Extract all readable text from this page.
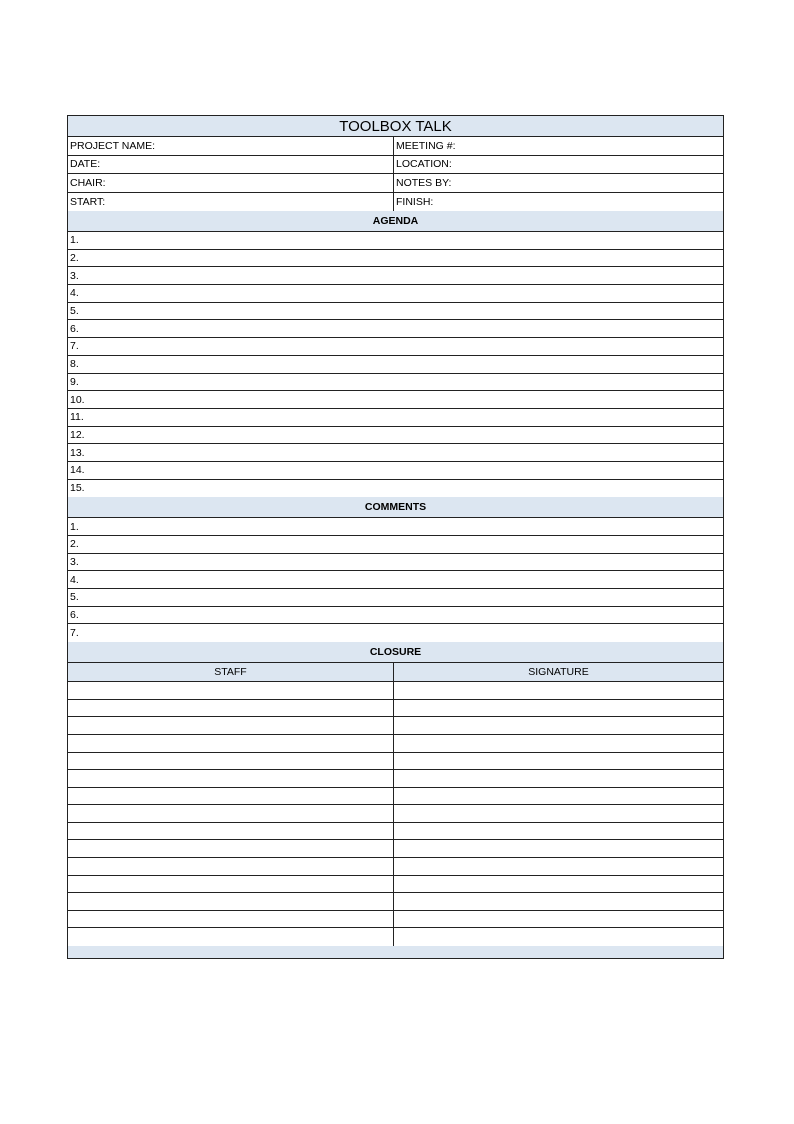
TOOLBOX TALK
PROJECT NAME:	MEETING #:
DATE:	LOCATION:
CHAIR:	NOTES BY:
START:	FINISH:
AGENDA
1.
2.
3.
4.
5.
6.
7.
8.
9.
10.
11.
12.
13.
14.
15.
COMMENTS
1.
2.
3.
4.
5.
6.
7.
CLOSURE
STAFF	SIGNATURE
